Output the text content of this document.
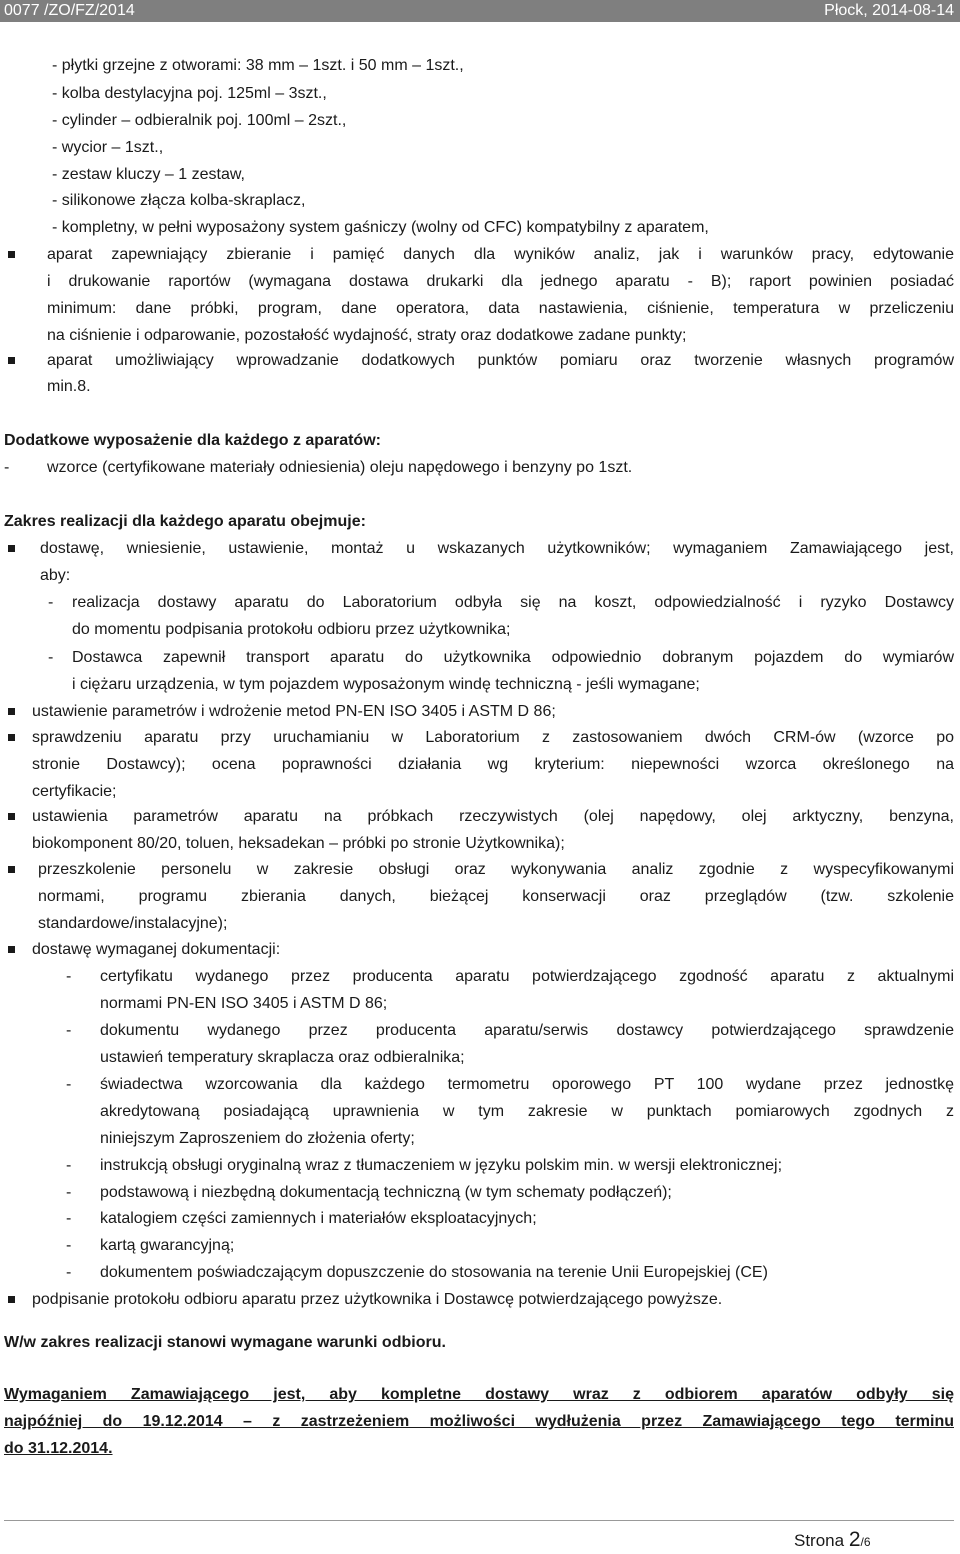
0077 /ZO/FZ/2014	Płock, 2014-08-14
- płytki grzejne z otworami: 38 mm – 1szt. i 50 mm – 1szt.,
- kolba destylacyjna poj. 125ml – 3szt.,
- cylinder – odbieralnik poj. 100ml – 2szt.,
- wycior – 1szt.,
- zestaw kluczy – 1 zestaw,
- silikonowe złącza kolba-skraplacz,
- kompletny, w pełni wyposażony system gaśniczy (wolny od CFC) kompatybilny z aparatem,
aparat zapewniający zbieranie i pamięć danych dla wyników analiz, jak i warunków pracy, edytowanie
i drukowanie raportów (wymagana dostawa drukarki dla jednego aparatu - B); raport powinien posiadać
minimum: dane próbki, program, dane operatora, data nastawienia, ciśnienie, temperatura w przeliczeniu
na ciśnienie i odparowanie, pozostałość wydajność, straty oraz dodatkowe zadane punkty;
aparat umożliwiający wprowadzanie dodatkowych punktów pomiaru oraz tworzenie własnych programów
min.8.
Dodatkowe wyposażenie dla każdego z aparatów:
- wzorce (certyfikowane materiały odniesienia) oleju napędowego i benzyny po 1szt.
Zakres realizacji dla każdego aparatu obejmuje:
dostawę, wniesienie, ustawienie, montaż u wskazanych użytkowników; wymaganiem Zamawiającego jest,
aby:
- realizacja dostawy aparatu do Laboratorium odbyła się na koszt, odpowiedzialność i ryzyko Dostawcy
do momentu podpisania protokołu odbioru przez użytkownika;
- Dostawca zapewnił transport aparatu do użytkownika odpowiednio dobranym pojazdem do wymiarów
i ciężaru urządzenia, w tym pojazdem wyposażonym windę techniczną - jeśli wymagane;
ustawienie parametrów i wdrożenie metod PN-EN ISO 3405 i ASTM D 86;
sprawdzeniu aparatu przy uruchamianiu w Laboratorium z zastosowaniem dwóch CRM-ów (wzorce po
stronie Dostawcy); ocena poprawności działania wg kryterium: niepewności wzorca określonego na
certyfikacie;
ustawienia parametrów aparatu na próbkach rzeczywistych (olej napędowy, olej arktyczny, benzyna,
biokomponent 80/20, toluen, heksadekan – próbki po stronie Użytkownika);
przeszkolenie personelu w zakresie obsługi oraz wykonywania analiz zgodnie z wyspecyfikowanymi
normami, programu zbierania danych, bieżącej konserwacji oraz przeglądów (tzw. szkolenie
standardowe/instalacyjne);
dostawę wymaganej dokumentacji:
- certyfikatu wydanego przez producenta aparatu potwierdzającego zgodność aparatu z aktualnymi
normami PN-EN ISO 3405 i ASTM D 86;
- dokumentu wydanego przez producenta aparatu/serwis dostawcy potwierdzającego sprawdzenie
ustawień temperatury skraplacza oraz odbieralnika;
- świadectwa wzorcowania dla każdego termometru oporowego PT 100 wydane przez jednostkę
akredytowaną posiadającą uprawnienia w tym zakresie w punktach pomiarowych zgodnych z
niniejszym Zaproszeniem do złożenia oferty;
- instrukcją obsługi oryginalną wraz z tłumaczeniem w języku polskim min. w wersji elektronicznej;
- podstawową i niezbędną dokumentacją techniczną (w tym schematy podłączeń);
- katalogiem części zamiennych i materiałów eksploatacyjnych;
- kartą gwarancyjną;
- dokumentem poświadczającym dopuszczenie do stosowania na terenie Unii Europejskiej (CE)
podpisanie protokołu odbioru aparatu przez użytkownika i Dostawcę potwierdzającego powyższe.
W/w zakres realizacji stanowi wymagane warunki odbioru.
Wymaganiem Zamawiającego jest, aby kompletne dostawy wraz z odbiorem aparatów odbyły się
najpóźniej do 19.12.2014 – z zastrzeżeniem możliwości wydłużenia przez Zamawiającego tego terminu
do 31.12.2014.
Strona 2/6
